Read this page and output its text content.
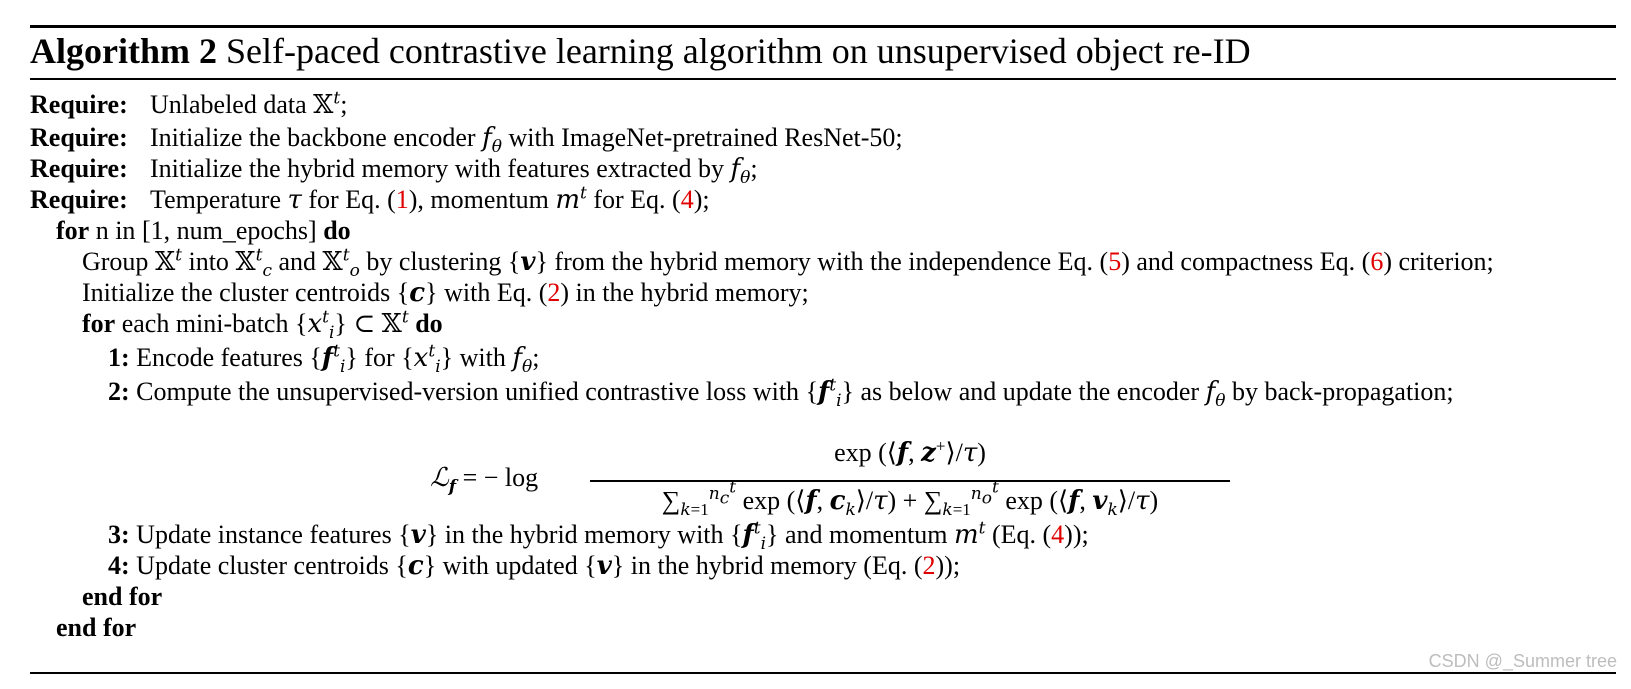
Algorithm 2 Self-paced contrastive learning algorithm on unsupervised object re-ID
Require: Unlabeled data 𝕏$^t$;
Require: Initialize the backbone encoder $f_\theta$ with ImageNet-pretrained ResNet-50;
Require: Initialize the hybrid memory with features extracted by $f_\theta$;
Require: Temperature τ for Eq. (1), momentum $m^t$ for Eq. (4);
for n in [1, num_epochs] do
Group 𝕏$^t$ into 𝕏$^t_c$ and 𝕏$^t_o$ by clustering {v} from the hybrid memory with the independence Eq. (5) and compactness Eq. (6) criterion;
Initialize the cluster centroids {c} with Eq. (2) in the hybrid memory;
for each mini-batch $\{x^t_i\}$ ⊂ 𝕏$^t$ do
1: Encode features $\{f^t_i\}$ for $\{x^t_i\}$ with $f_\theta$;
2: Compute the unsupervised-version unified contrastive loss with $\{f^t_i\}$ as below and update the encoder $f_\theta$ by back-propagation;
ℒ$_f$ = − log
exp (⟨f, z+⟩/τ)
$\sum_{k=1}^{n_c^t}$ exp (⟨f, $c_k⟩/\tau) + \sum_{k=1}^{n_o^t}$ exp (⟨f, $v_k⟩/\tau$)
3: Update instance features {v} in the hybrid memory with $\{f^t_i\}$ and momentum $m^t$ (Eq. (4));
4: Update cluster centroids {c} with updated {v} in the hybrid memory (Eq. (2));
end for
end for
CSDN @_Summer tree
